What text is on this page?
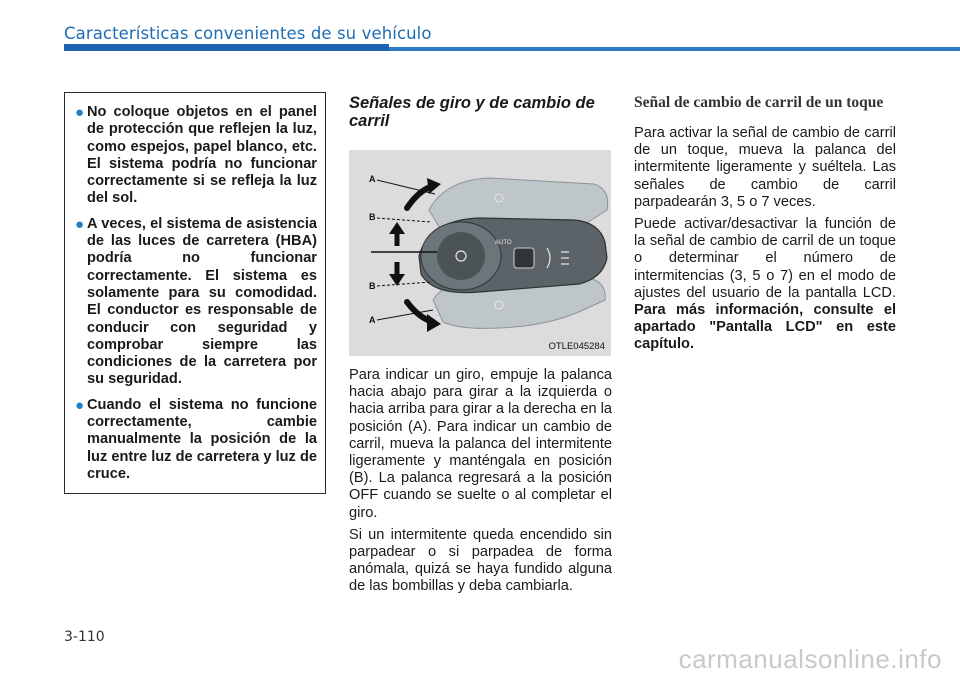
Características convenientes de su vehículo
● No coloque objetos en el panel de protección que reflejen la luz, como espejos, papel blanco, etc. El sistema podría no funcionar correctamente si se refleja la luz del sol.
● A veces, el sistema de asistencia de las luces de carretera (HBA) podría no funcionar correctamente. El sistema es solamente para su comodidad. El conductor es responsable de conducir con seguridad y comprobar siempre las condiciones de la carretera por su seguridad.
● Cuando el sistema no funcione correctamente, cambie manualmente la posición de la luz entre luz de carretera y luz de cruce.
Señales de giro y de cambio de carril
AUTO
A
B
B
A
OTLE045284

Para indicar un giro, empuje la palanca hacia abajo para girar a la izquierda o hacia arriba para girar a la derecha en la posición (A). Para indicar un cambio de carril, mueva la palanca del intermitente ligeramente y manténgala en posición (B). La palanca regresará a la posición OFF cuando se suelte o al completar el giro.

Si un intermitente queda encendido sin parpadear o si parpadea de forma anómala, quizá se haya fundido alguna de las bombillas y deba cambiarla.

Señal de cambio de carril de un toque

Para activar la señal de cambio de carril de un toque, mueva la palanca del intermitente ligeramente y suéltela. Las señales de cambio de carril parpadearán 3, 5 o 7 veces.

Puede activar/desactivar la función de la señal de cambio de carril de un toque o determinar el número de intermitencias (3, 5 o 7) en el modo de ajustes del usuario de la pantalla LCD. Para más información, consulte el apartado "Pantalla LCD" en este capítulo.

3-110
carmanualsonline.info
